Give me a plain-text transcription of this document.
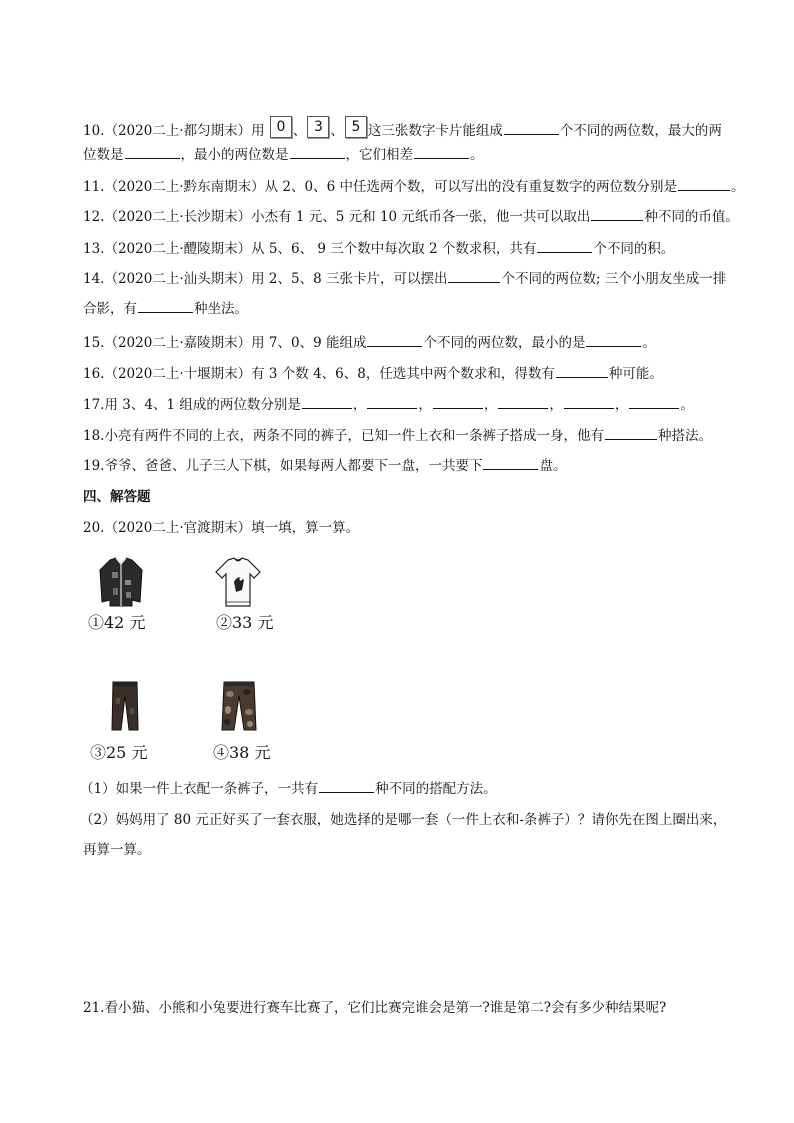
10.（2020二上·都匀期末）用 0 、 3 、 5 这三张数字卡片能组成	个不同的两位数，最大的两
位数是	，最小的两位数是	，它们相差	。
11.（2020二上·黔东南期末）从 2、0、6 中任选两个数，可以写出的没有重复数字的两位数分别是	。
12.（2020二上·长沙期末）小杰有 1 元、5 元和 10 元纸币各一张，他一共可以取出	种不同的币值。
13.（2020二上·醴陵期末）从 5、6、 9 三个数中每次取 2 个数求积，共有	个不同的积。
14.（2020二上·汕头期末）用 2、5、8 三张卡片，可以摆出	个不同的两位数; 三个小朋友坐成一排
合影，有	种坐法。
15.（2020二上·嘉陵期末）用 7、0、9 能组成	个不同的两位数，最小的是	。
16.（2020二上·十堰期末）有 3 个数 4、6、8，任选其中两个数求和，得数有	种可能。
17.用 3、4、1 组成的两位数分别是	，	，	，	，	，	。
18.小亮有两件不同的上衣，两条不同的裤子，已知一件上衣和一条裤子搭成一身，他有	种搭法。
19.爷爷、爸爸、儿子三人下棋，如果每两人都要下一盘，一共要下	盘。
四、解答题
20.（2020二上·官渡期末）填一填，算一算。
①42 元	②33 元
③25 元	④38 元
（1）如果一件上衣配一条裤子，一共有	种不同的搭配方法。
（2）妈妈用了 80 元正好买了一套衣服，她选择的是哪一套（一件上衣和-条裤子）？请你先在图上圈出来，
再算一算。
21.看小猫、小熊和小兔要进行赛车比赛了，它们比赛完谁会是第一?谁是第二?会有多少种结果呢?
